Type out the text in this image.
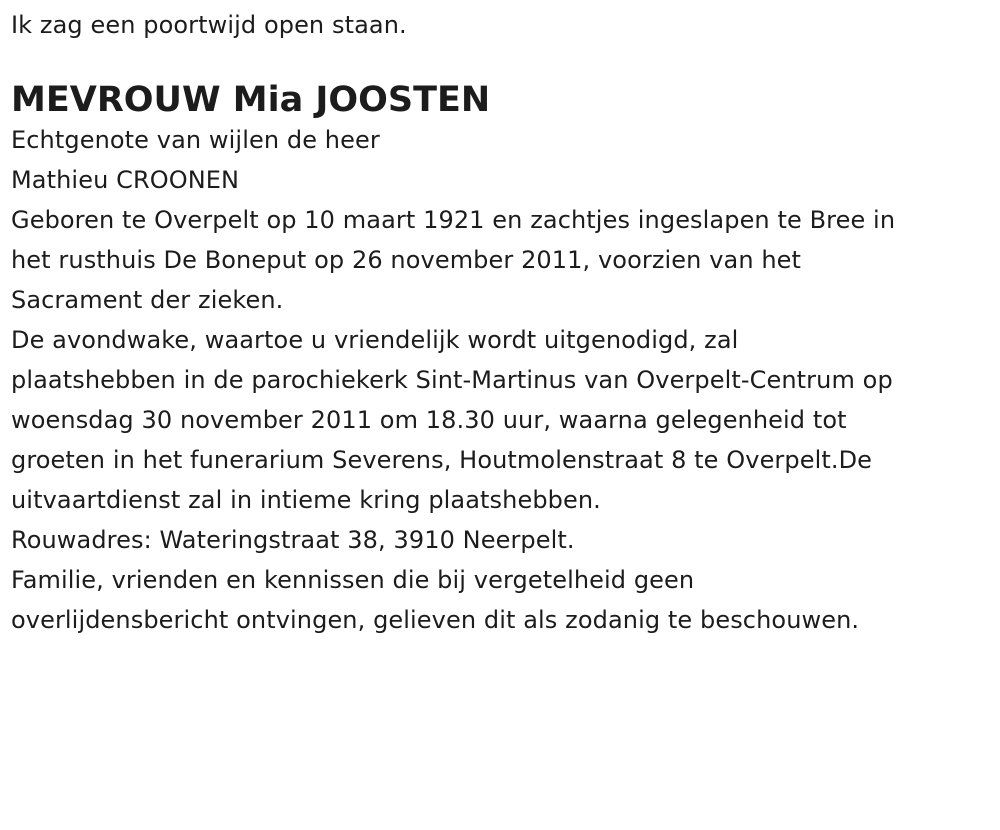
Ik zag een poortwijd open staan.
MEVROUW Mia JOOSTEN
Echtgenote van wijlen de heer
Mathieu CROONEN
Geboren te Overpelt op 10 maart 1921 en zachtjes ingeslapen te Bree in
het rusthuis De Boneput op 26 november 2011, voorzien van het
Sacrament der zieken.
De avondwake, waartoe u vriendelijk wordt uitgenodigd, zal
plaatshebben in de parochiekerk Sint-Martinus van Overpelt-Centrum op
woensdag 30 november 2011 om 18.30 uur, waarna gelegenheid tot
groeten in het funerarium Severens, Houtmolenstraat 8 te Overpelt.De
uitvaartdienst zal in intieme kring plaatshebben.
Rouwadres: Wateringstraat 38, 3910 Neerpelt.
Familie, vrienden en kennissen die bij vergetelheid geen
overlijdensbericht ontvingen, gelieven dit als zodanig te beschouwen.
